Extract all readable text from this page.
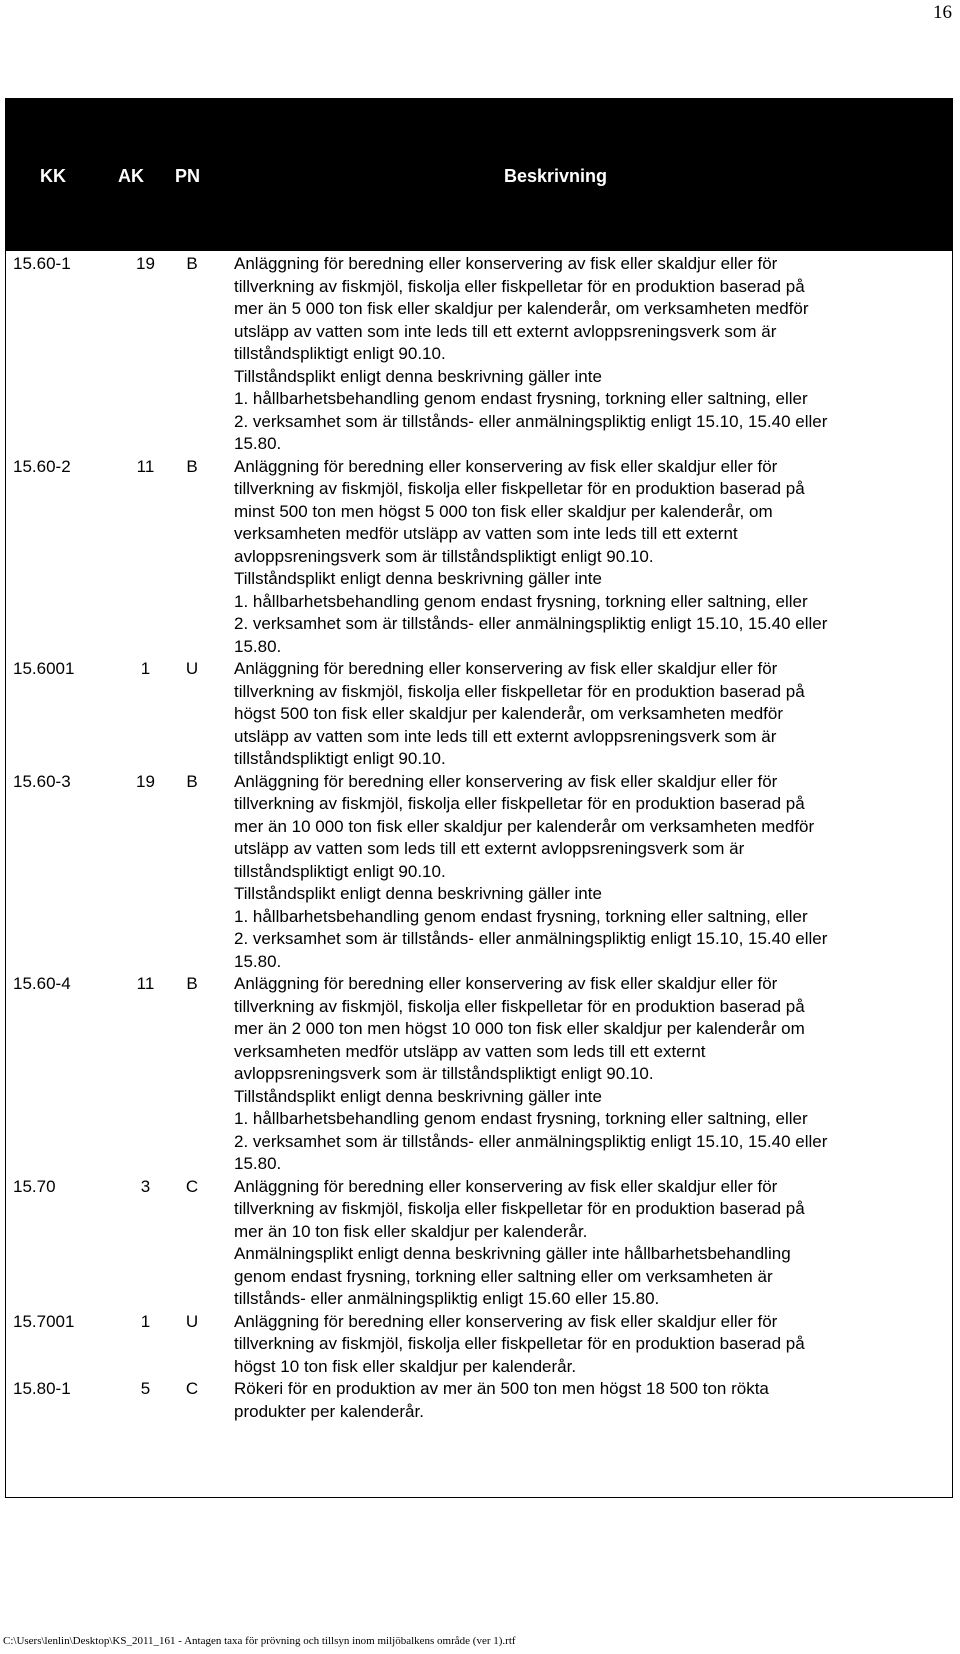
16
KK	AK PN	Beskrivning
15.60-1	19	B	Anläggning för beredning eller konservering av fisk eller skaldjur eller för
tillverkning av fiskmjöl, fiskolja eller fiskpelletar för en produktion baserad på
mer än 5 000 ton fisk eller skaldjur per kalenderår, om verksamheten medför
utsläpp av vatten som inte leds till ett externt avloppsreningsverk som är
tillståndspliktigt enligt 90.10.
Tillståndsplikt enligt denna beskrivning gäller inte
1. hållbarhetsbehandling genom endast frysning, torkning eller saltning, eller
2. verksamhet som är tillstånds- eller anmälningspliktig enligt 15.10, 15.40 eller
15.80.
15.60-2	11	B	Anläggning för beredning eller konservering av fisk eller skaldjur eller för
tillverkning av fiskmjöl, fiskolja eller fiskpelletar för en produktion baserad på
minst 500 ton men högst 5 000 ton fisk eller skaldjur per kalenderår, om
verksamheten medför utsläpp av vatten som inte leds till ett externt
avloppsreningsverk som är tillståndspliktigt enligt 90.10.
Tillståndsplikt enligt denna beskrivning gäller inte
1. hållbarhetsbehandling genom endast frysning, torkning eller saltning, eller
2. verksamhet som är tillstånds- eller anmälningspliktig enligt 15.10, 15.40 eller
15.80.
15.6001	1	U	Anläggning för beredning eller konservering av fisk eller skaldjur eller för
tillverkning av fiskmjöl, fiskolja eller fiskpelletar för en produktion baserad på
högst 500 ton fisk eller skaldjur per kalenderår, om verksamheten medför
utsläpp av vatten som inte leds till ett externt avloppsreningsverk som är
tillståndspliktigt enligt 90.10.
15.60-3	19	B	Anläggning för beredning eller konservering av fisk eller skaldjur eller för
tillverkning av fiskmjöl, fiskolja eller fiskpelletar för en produktion baserad på
mer än 10 000 ton fisk eller skaldjur per kalenderår om verksamheten medför
utsläpp av vatten som leds till ett externt avloppsreningsverk som är
tillståndspliktigt enligt 90.10.
Tillståndsplikt enligt denna beskrivning gäller inte
1. hållbarhetsbehandling genom endast frysning, torkning eller saltning, eller
2. verksamhet som är tillstånds- eller anmälningspliktig enligt 15.10, 15.40 eller
15.80.
15.60-4	11	B	Anläggning för beredning eller konservering av fisk eller skaldjur eller för
tillverkning av fiskmjöl, fiskolja eller fiskpelletar för en produktion baserad på
mer än 2 000 ton men högst 10 000 ton fisk eller skaldjur per kalenderår om
verksamheten medför utsläpp av vatten som leds till ett externt
avloppsreningsverk som är tillståndspliktigt enligt 90.10.
Tillståndsplikt enligt denna beskrivning gäller inte
1. hållbarhetsbehandling genom endast frysning, torkning eller saltning, eller
2. verksamhet som är tillstånds- eller anmälningspliktig enligt 15.10, 15.40 eller
15.80.
15.70	3	C	Anläggning för beredning eller konservering av fisk eller skaldjur eller för
tillverkning av fiskmjöl, fiskolja eller fiskpelletar för en produktion baserad på
mer än 10 ton fisk eller skaldjur per kalenderår.
Anmälningsplikt enligt denna beskrivning gäller inte hållbarhetsbehandling
genom endast frysning, torkning eller saltning eller om verksamheten är
tillstånds- eller anmälningspliktig enligt 15.60 eller 15.80.
15.7001	1	U	Anläggning för beredning eller konservering av fisk eller skaldjur eller för
tillverkning av fiskmjöl, fiskolja eller fiskpelletar för en produktion baserad på
högst 10 ton fisk eller skaldjur per kalenderår.
15.80-1	5	C	Rökeri för en produktion av mer än 500 ton men högst 18 500 ton rökta
produkter per kalenderår.
C:\Users\lenlin\Desktop\KS_2011_161 - Antagen taxa för prövning och tillsyn inom miljöbalkens område (ver 1).rtf
